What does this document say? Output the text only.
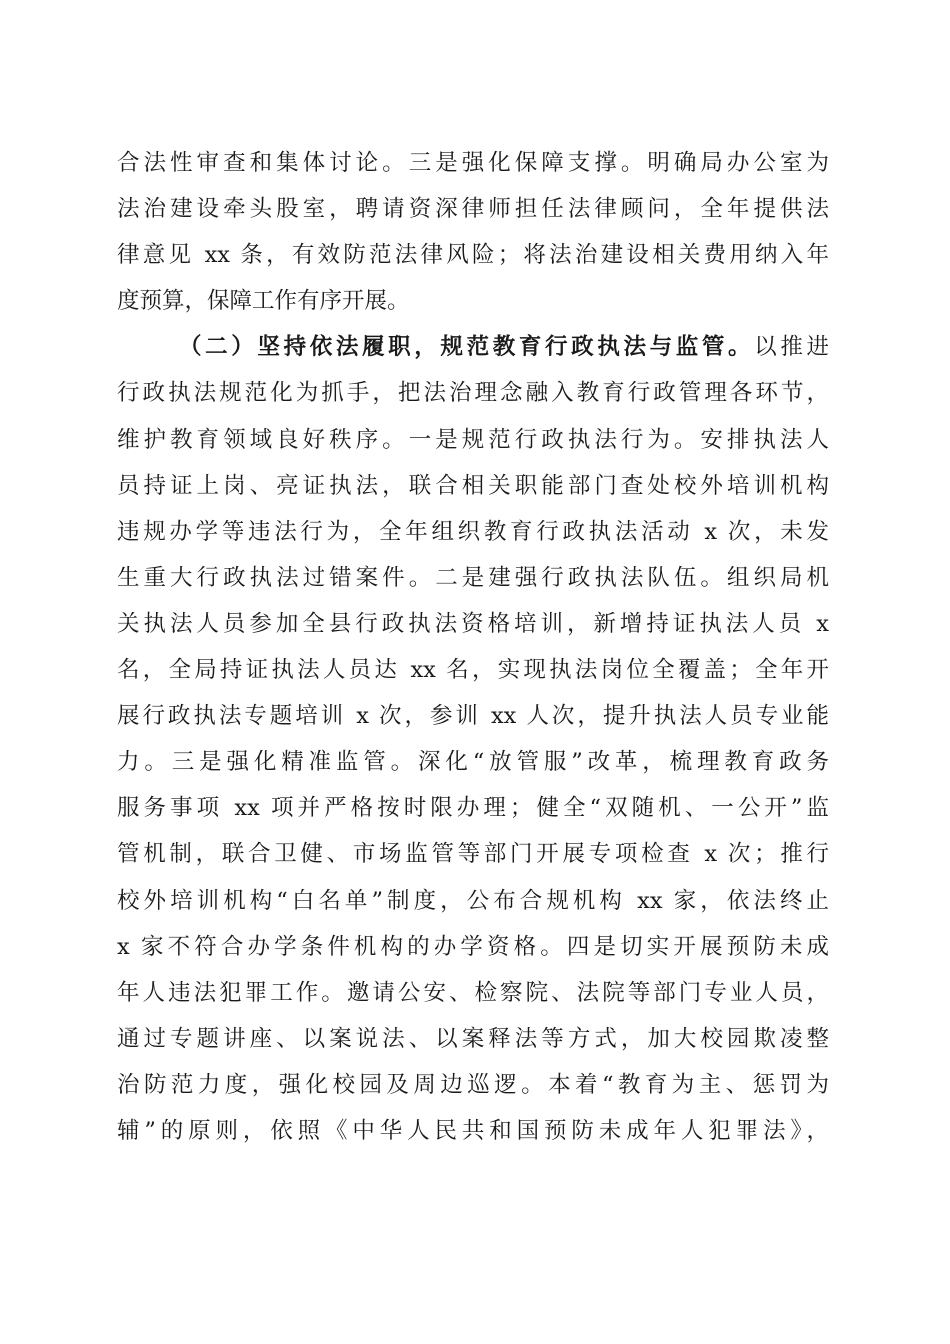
合法性审查和集体讨论。三是强化保障支撑。明确局办公室为
法治建设牵头股室，聘请资深律师担任法律顾问，全年提供法
律意见 xx 条，有效防范法律风险；将法治建设相关费用纳入年
度预算，保障工作有序开展。
（二）坚持依法履职，规范教育行政执法与监管。以推进
行政执法规范化为抓手，把法治理念融入教育行政管理各环节，
维护教育领域良好秩序。一是规范行政执法行为。安排执法人
员持证上岗、亮证执法，联合相关职能部门查处校外培训机构
违规办学等违法行为，全年组织教育行政执法活动 x 次，未发
生重大行政执法过错案件。二是建强行政执法队伍。组织局机
关执法人员参加全县行政执法资格培训，新增持证执法人员 x
名，全局持证执法人员达 xx 名，实现执法岗位全覆盖；全年开
展行政执法专题培训 x 次，参训 xx 人次，提升执法人员专业能
力。三是强化精准监管。深化“放管服”改革，梳理教育政务
服务事项 xx 项并严格按时限办理；健全“双随机、一公开”监
管机制，联合卫健、市场监管等部门开展专项检查 x 次；推行
校外培训机构“白名单”制度，公布合规机构 xx 家，依法终止
x 家不符合办学条件机构的办学资格。四是切实开展预防未成
年人违法犯罪工作。邀请公安、检察院、法院等部门专业人员，
通过专题讲座、以案说法、以案释法等方式，加大校园欺凌整
治防范力度，强化校园及周边巡逻。本着“教育为主、惩罚为
辅”的原则，依照《中华人民共和国预防未成年人犯罪法》，
